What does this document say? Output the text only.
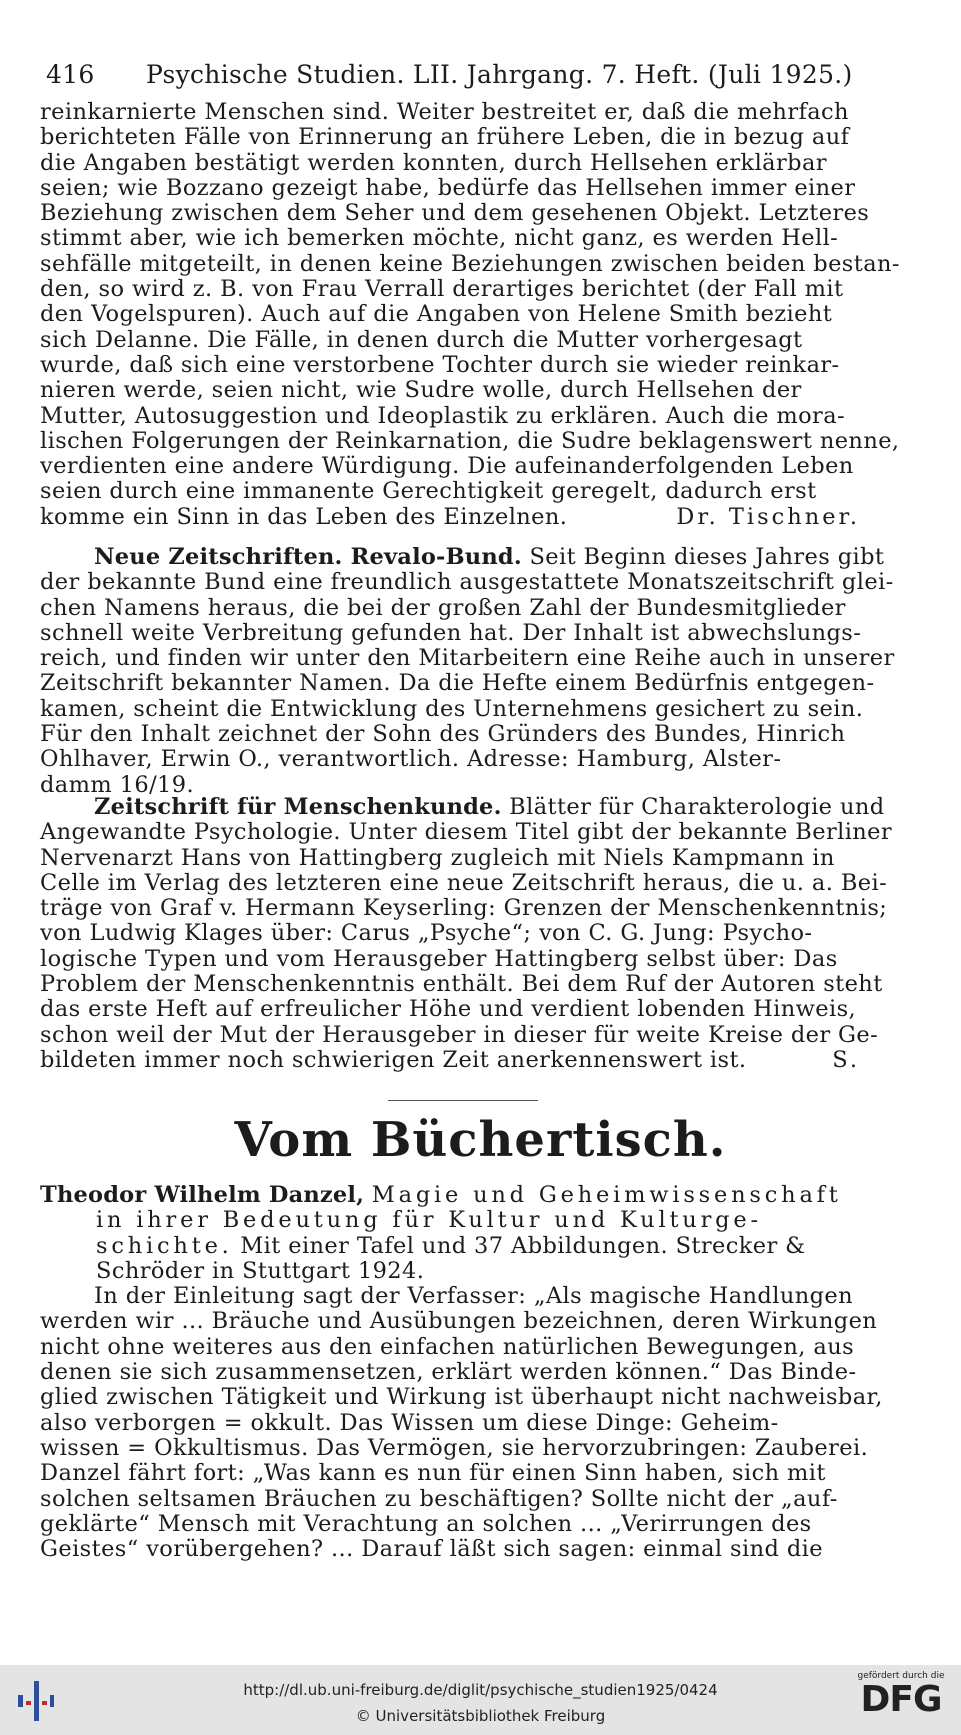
416 Psychische Studien. LII. Jahrgang. 7. Heft. (Juli 1925.)
reinkarnierte Menschen sind. Weiter bestreitet er, daß die mehrfach
berichteten Fälle von Erinnerung an frühere Leben, die in bezug auf
die Angaben bestätigt werden konnten, durch Hellsehen erklärbar
seien; wie Bozzano gezeigt habe, bedürfe das Hellsehen immer einer
Beziehung zwischen dem Seher und dem gesehenen Objekt. Letzteres
stimmt aber, wie ich bemerken möchte, nicht ganz, es werden Hell-
sehfälle mitgeteilt, in denen keine Beziehungen zwischen beiden bestan-
den, so wird z. B. von Frau Verrall derartiges berichtet (der Fall mit
den Vogelspuren). Auch auf die Angaben von Helene Smith bezieht
sich Delanne. Die Fälle, in denen durch die Mutter vorhergesagt
wurde, daß sich eine verstorbene Tochter durch sie wieder reinkar-
nieren werde, seien nicht, wie Sudre wolle, durch Hellsehen der
Mutter, Autosuggestion und Ideoplastik zu erklären. Auch die mora-
lischen Folgerungen der Reinkarnation, die Sudre beklagenswert nenne,
verdienten eine andere Würdigung. Die aufeinanderfolgenden Leben
seien durch eine immanente Gerechtigkeit geregelt, dadurch erst
komme ein Sinn in das Leben des Einzelnen.	Dr. Tischner.
Neue Zeitschriften. Revalo-Bund. Seit Beginn dieses Jahres gibt
der bekannte Bund eine freundlich ausgestattete Monatszeitschrift glei-
chen Namens heraus, die bei der großen Zahl der Bundesmitglieder
schnell weite Verbreitung gefunden hat. Der Inhalt ist abwechslungs-
reich, und finden wir unter den Mitarbeitern eine Reihe auch in unserer
Zeitschrift bekannter Namen. Da die Hefte einem Bedürfnis entgegen-
kamen, scheint die Entwicklung des Unternehmens gesichert zu sein.
Für den Inhalt zeichnet der Sohn des Gründers des Bundes, Hinrich
Ohlhaver, Erwin O., verantwortlich. Adresse: Hamburg, Alster-
damm 16/19.
Zeitschrift für Menschenkunde. Blätter für Charakterologie und
Angewandte Psychologie. Unter diesem Titel gibt der bekannte Berliner
Nervenarzt Hans von Hattingberg zugleich mit Niels Kampmann in
Celle im Verlag des letzteren eine neue Zeitschrift heraus, die u. a. Bei-
träge von Graf v. Hermann Keyserling: Grenzen der Menschenkenntnis;
von Ludwig Klages über: Carus „Psyche“; von C. G. Jung: Psycho-
logische Typen und vom Herausgeber Hattingberg selbst über: Das
Problem der Menschenkenntnis enthält. Bei dem Ruf der Autoren steht
das erste Heft auf erfreulicher Höhe und verdient lobenden Hinweis,
schon weil der Mut der Herausgeber in dieser für weite Kreise der Ge-
bildeten immer noch schwierigen Zeit anerkennenswert ist.	S.
Vom Büchertisch.
Theodor Wilhelm Danzel, Magie und Geheimwissenschaft
in ihrer Bedeutung für Kultur und Kulturge-
schichte. Mit einer Tafel und 37 Abbildungen. Strecker &
Schröder in Stuttgart 1924.
In der Einleitung sagt der Verfasser: „Als magische Handlungen
werden wir ... Bräuche und Ausübungen bezeichnen, deren Wirkungen
nicht ohne weiteres aus den einfachen natürlichen Bewegungen, aus
denen sie sich zusammensetzen, erklärt werden können.“ Das Binde-
glied zwischen Tätigkeit und Wirkung ist überhaupt nicht nachweisbar,
also verborgen = okkult. Das Wissen um diese Dinge: Geheim-
wissen = Okkultismus. Das Vermögen, sie hervorzubringen: Zauberei.
Danzel fährt fort: „Was kann es nun für einen Sinn haben, sich mit
solchen seltsamen Bräuchen zu beschäftigen? Sollte nicht der „auf-
geklärte“ Mensch mit Verachtung an solchen ... „Verirrungen des
Geistes“ vorübergehen? ... Darauf läßt sich sagen: einmal sind die
http://dl.ub.uni-freiburg.de/diglit/psychische_studien1925/0424
© Universitätsbibliothek Freiburg
gefördert durch die
DFG
